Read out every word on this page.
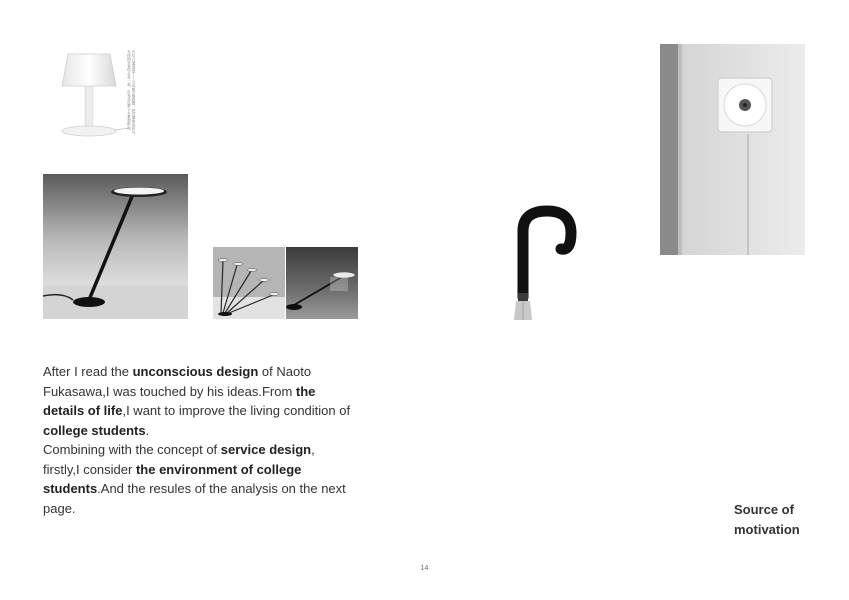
台灯·灯罩造型——与光相关的联想，把灯罩的形状与光线的分布结合在一起，灯光从灯罩下方柔和散出。
After I read the unconscious design of Naoto Fukasawa,I was touched by his ideas.From the details of life,I want to improve the living condition of college students.
Combining with the concept of service design, firstly,I consider the environment of college students.And the resules of the analysis on the next page.	Source of
motivation
14
